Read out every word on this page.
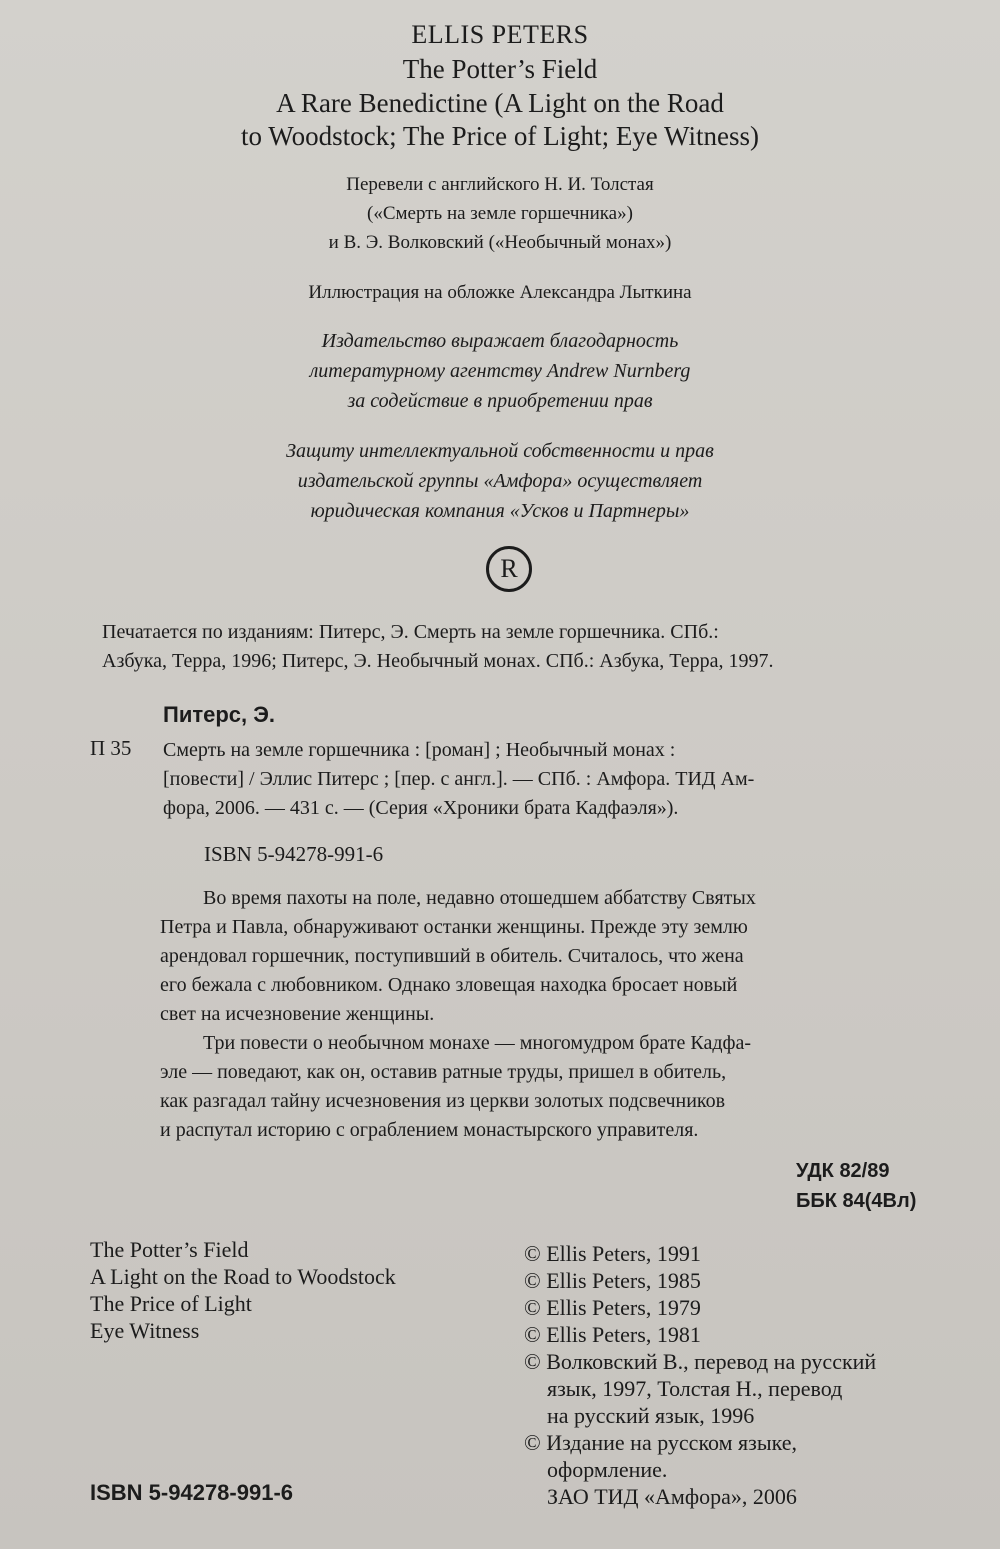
ELLIS PETERS
The Potter’s Field
A Rare Benedictine (A Light on the Road
to Woodstock; The Price of Light; Eye Witness)
Перевели с английского Н. И. Толстая
(«Смерть на земле горшечника»)
и В. Э. Волковский («Необычный монах»)
Иллюстрация на обложке Александра Лыткина
Издательство выражает благодарность
литературному агентству Andrew Nurnberg
за содействие в приобретении прав
Защиту интеллектуальной собственности и прав
издательской группы «Амфора» осуществляет
юридическая компания «Усков и Партнеры»
R
Печатается по изданиям: Питерс, Э. Смерть на земле горшечника. СПб.:
Азбука, Терра, 1996; Питерс, Э. Необычный монах. СПб.: Азбука, Терра, 1997.
Питерс, Э.
П 35 Смерть на земле горшечника : [роман] ; Необычный монах :
[повести] / Эллис Питерс ; [пер. с англ.]. — СПб. : Амфора. ТИД Ам-
фора, 2006. — 431 с. — (Серия «Хроники брата Кадфаэля»).
ISBN 5-94278-991-6
Во время пахоты на поле, недавно отошедшем аббатству Святых
Петра и Павла, обнаруживают останки женщины. Прежде эту землю
арендовал горшечник, поступивший в обитель. Считалось, что жена
его бежала с любовником. Однако зловещая находка бросает новый
свет на исчезновение женщины.
Три повести о необычном монахе — многомудром брате Кадфа-
эле — поведают, как он, оставив ратные труды, пришел в обитель,
как разгадал тайну исчезновения из церкви золотых подсвечников
и распутал историю с ограблением монастырского управителя.
УДК 82/89
ББК 84(4Вл)
The Potter’s Field
A Light on the Road to Woodstock
The Price of Light
Eye Witness
© Ellis Peters, 1991
© Ellis Peters, 1985
© Ellis Peters, 1979
© Ellis Peters, 1981
© Волковский В., перевод на русский
язык, 1997, Толстая Н., перевод
на русский язык, 1996
© Издание на русском языке,
оформление.
ЗАО ТИД «Амфора», 2006
ISBN 5-94278-991-6
